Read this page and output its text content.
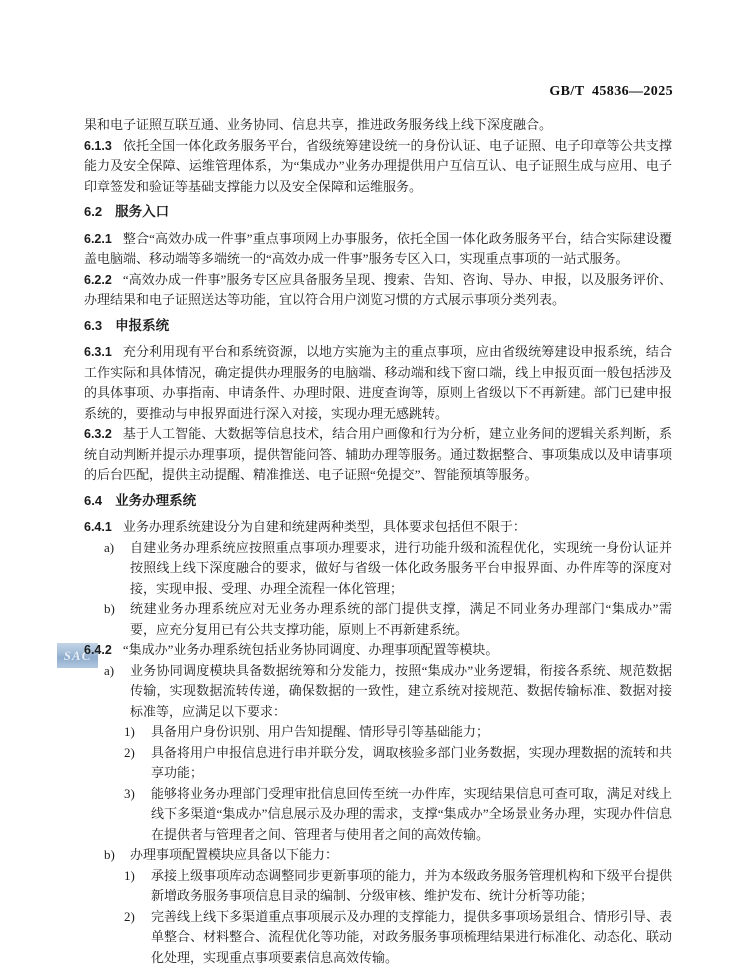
GB/T  45836—2025
SAC
果和电子证照互联互通、业务协同、信息共享，推进政务服务线上线下深度融合。
6.1.3 依托全国一体化政务服务平台，省级统筹建设统一的身份认证、电子证照、电子印章等公共支撑能力及安全保障、运维管理体系，为“集成办”业务办理提供用户互信互认、电子证照生成与应用、电子印章签发和验证等基础支撑能力以及安全保障和运维服务。
6.2 服务入口
6.2.1 整合“高效办成一件事”重点事项网上办事服务，依托全国一体化政务服务平台，结合实际建设覆盖电脑端、移动端等多端统一的“高效办成一件事”服务专区入口，实现重点事项的一站式服务。
6.2.2 “高效办成一件事”服务专区应具备服务呈现、搜索、告知、咨询、导办、申报，以及服务评价、办理结果和电子证照送达等功能，宜以符合用户浏览习惯的方式展示事项分类列表。
6.3 申报系统
6.3.1 充分利用现有平台和系统资源，以地方实施为主的重点事项，应由省级统筹建设申报系统，结合工作实际和具体情况，确定提供办理服务的电脑端、移动端和线下窗口端，线上申报页面一般包括涉及的具体事项、办事指南、申请条件、办理时限、进度查询等，原则上省级以下不再新建。部门已建申报系统的，要推动与申报界面进行深入对接，实现办理无感跳转。
6.3.2 基于人工智能、大数据等信息技术，结合用户画像和行为分析，建立业务间的逻辑关系判断，系统自动判断并提示办理事项，提供智能问答、辅助办理等服务。通过数据整合、事项集成以及申请事项的后台匹配，提供主动提醒、精准推送、电子证照“免提交”、智能预填等服务。
6.4 业务办理系统
6.4.1 业务办理系统建设分为自建和统建两种类型，具体要求包括但不限于：
a) 自建业务办理系统应按照重点事项办理要求，进行功能升级和流程优化，实现统一身份认证并按照线上线下深度融合的要求，做好与省级一体化政务服务平台申报界面、办件库等的深度对接，实现申报、受理、办理全流程一体化管理；
b) 统建业务办理系统应对无业务办理系统的部门提供支撑，满足不同业务办理部门“集成办”需要，应充分复用已有公共支撑功能，原则上不再新建系统。
6.4.2 “集成办”业务办理系统包括业务协同调度、办理事项配置等模块。
a) 业务协同调度模块具备数据统筹和分发能力，按照“集成办”业务逻辑，衔接各系统、规范数据传输，实现数据流转传递，确保数据的一致性，建立系统对接规范、数据传输标准、数据对接标准等，应满足以下要求：
1) 具备用户身份识别、用户告知提醒、情形导引等基础能力；
2) 具备将用户申报信息进行串并联分发，调取核验多部门业务数据，实现办理数据的流转和共享功能；
3) 能够将业务办理部门受理审批信息回传至统一办件库，实现结果信息可查可取，满足对线上线下多渠道“集成办”信息展示及办理的需求，支撑“集成办”全场景业务办理，实现办件信息在提供者与管理者之间、管理者与使用者之间的高效传输。
b) 办理事项配置模块应具备以下能力：
1) 承接上级事项库动态调整同步更新事项的能力，并为本级政务服务管理机构和下级平台提供新增政务服务事项信息目录的编制、分级审核、维护发布、统计分析等功能；
2) 完善线上线下多渠道重点事项展示及办理的支撑能力，提供多事项场景组合、情形引导、表单整合、材料整合、流程优化等功能，对政务服务事项梳理结果进行标准化、动态化、联动化处理，实现重点事项要素信息高效传输。
